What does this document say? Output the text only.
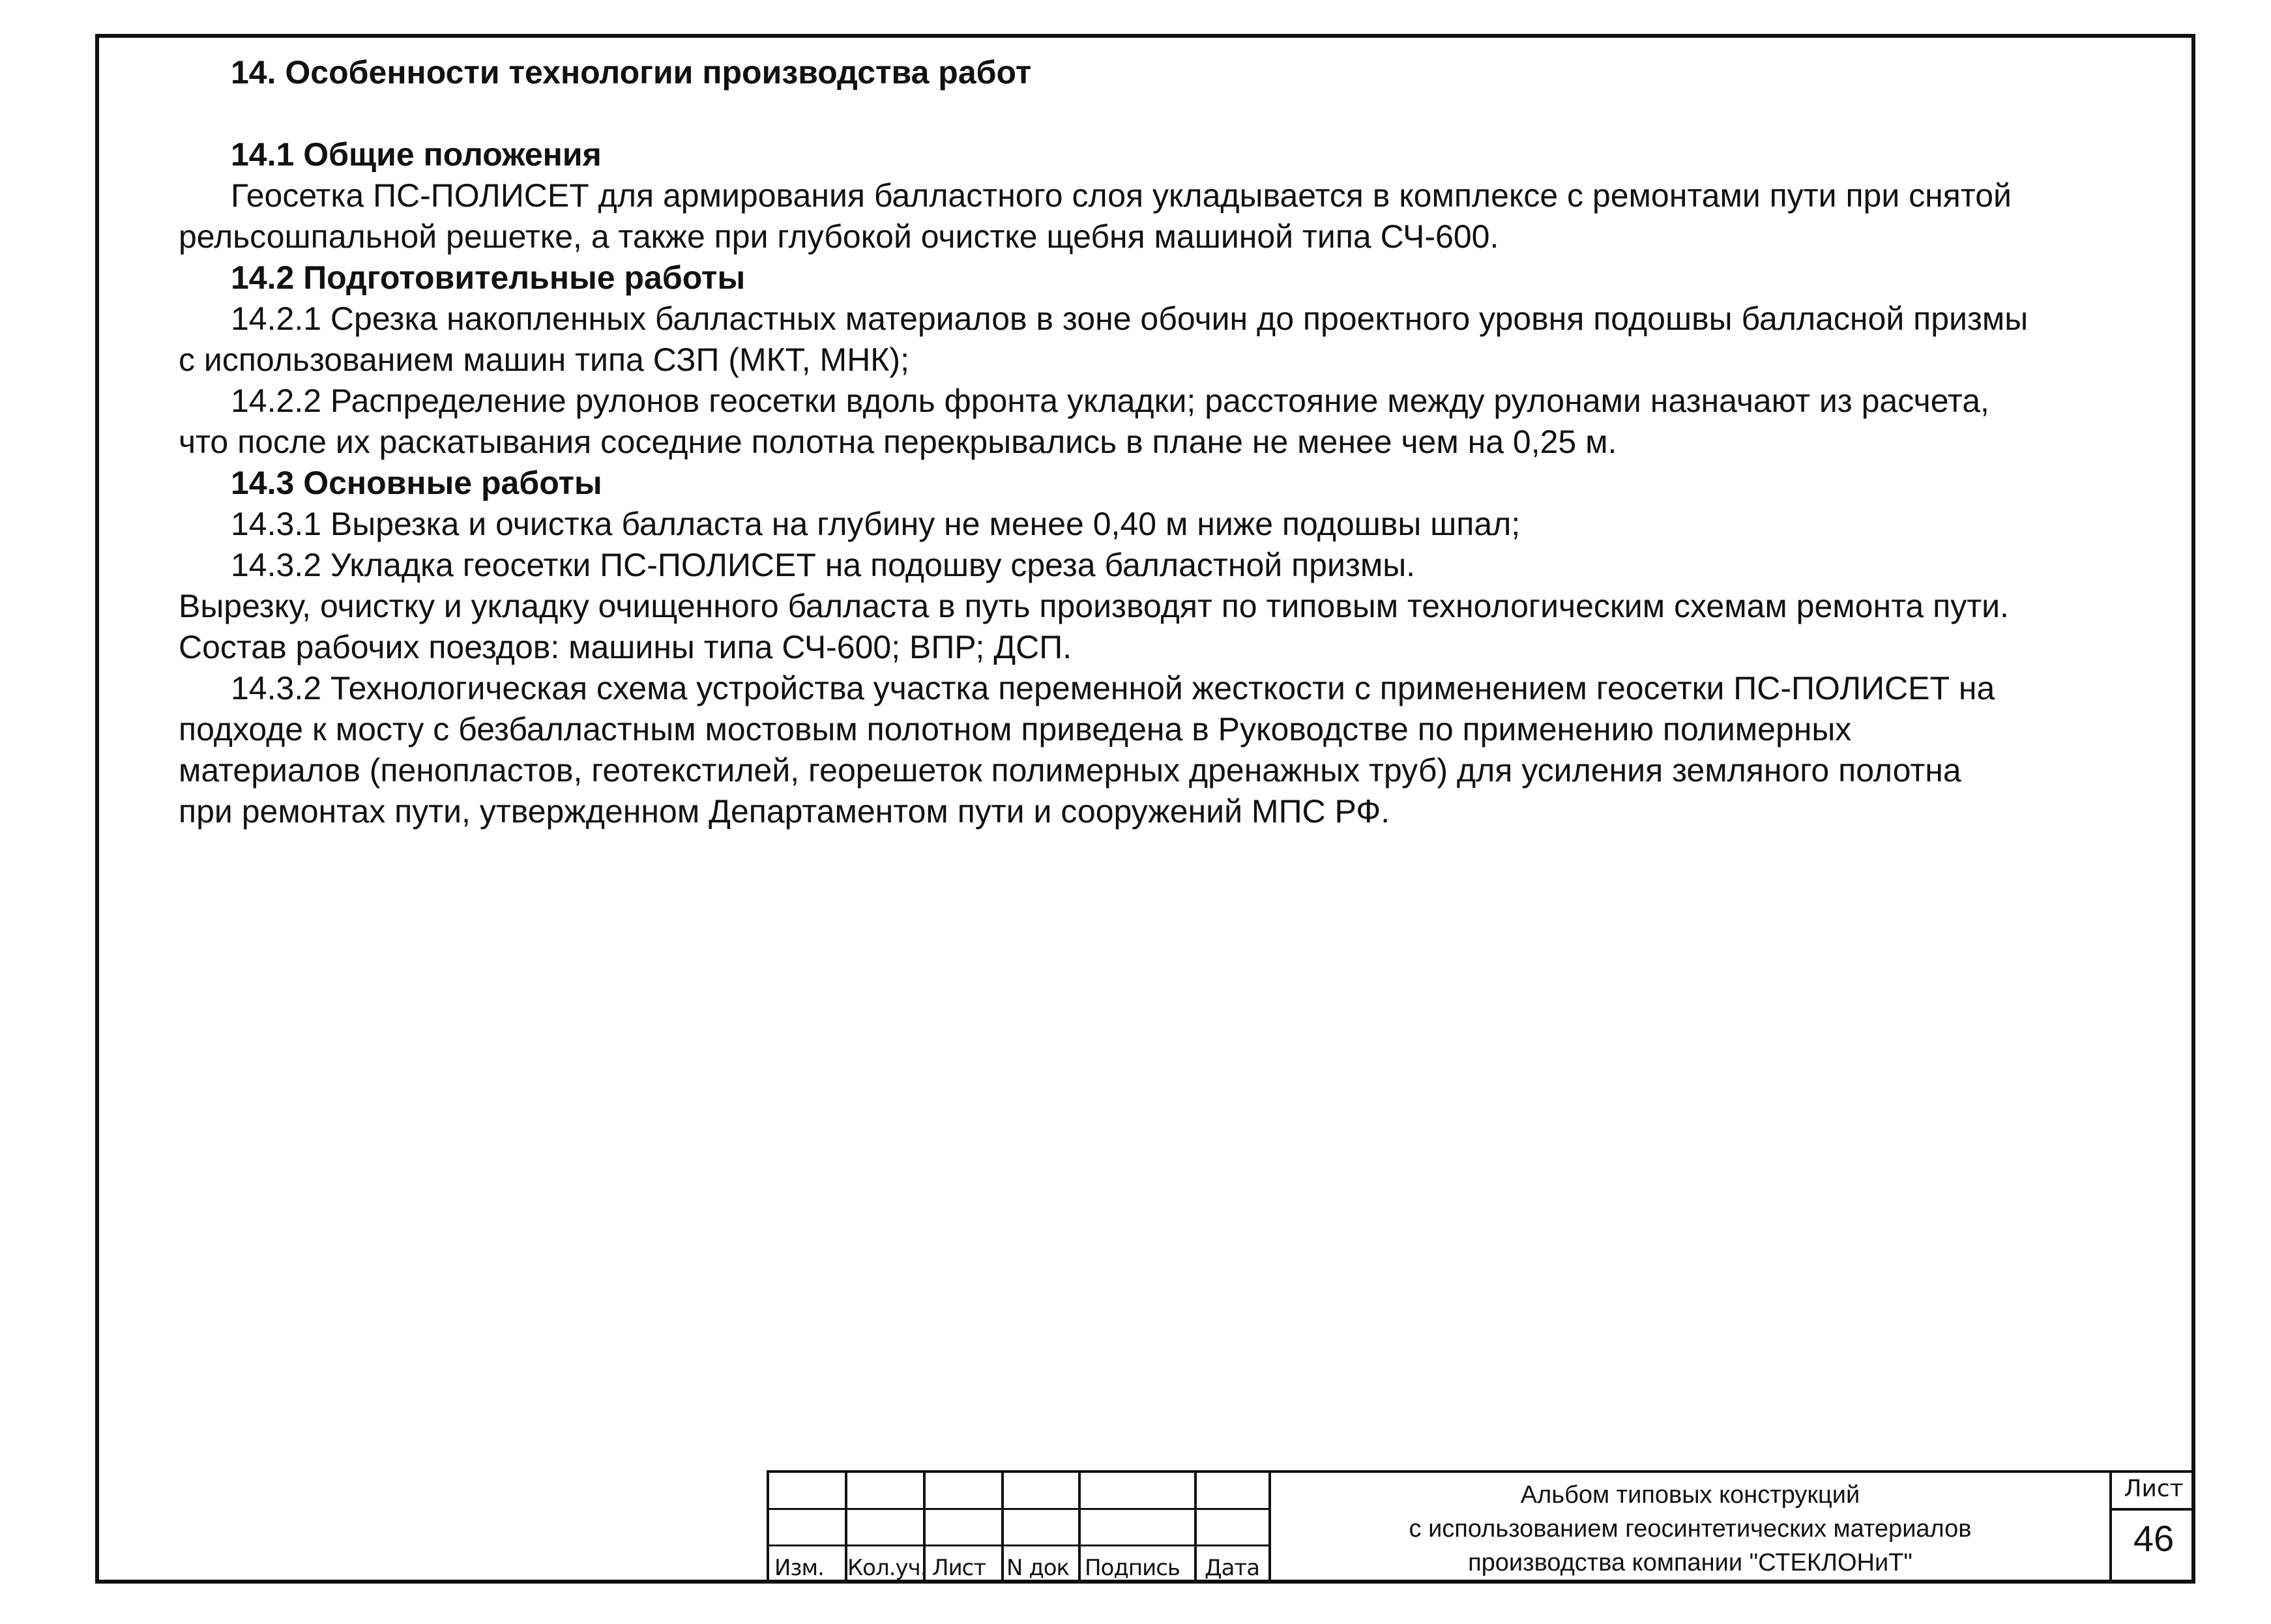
14. Особенности технологии производства работ

14.1 Общие положения

Геосетка ПС-ПОЛИСЕТ для армирования балластного слоя укладывается в комплексе с ремонтами пути при снятой

рельсошпальной решетке, а также при глубокой очистке щебня машиной типа СЧ-600.

14.2 Подготовительные работы

14.2.1 Срезка накопленных балластных материалов в зоне обочин до проектного уровня подошвы балласной призмы

с использованием машин типа СЗП (МКТ, МНК);

14.2.2 Распределение рулонов геосетки вдоль фронта укладки; расстояние между рулонами назначают из расчета,

что после их раскатывания соседние полотна перекрывались в плане не менее чем на 0,25 м.

14.3 Основные работы

14.3.1 Вырезка и очистка балласта на глубину не менее 0,40 м ниже подошвы шпал;

14.3.2 Укладка геосетки ПС-ПОЛИСЕТ на подошву среза балластной призмы.

Вырезку, очистку и укладку очищенного балласта в путь производят по типовым технологическим схемам ремонта пути.

Состав рабочих поездов: машины типа СЧ-600; ВПР; ДСП.

14.3.2 Технологическая схема устройства участка переменной жесткости с применением геосетки ПС-ПОЛИСЕТ на

подходе к мосту с безбалластным мостовым полотном приведена в Руководстве по применению полимерных

материалов (пенопластов, геотекстилей, георешеток полимерных дренажных труб) для усиления земляного полотна

при ремонтах пути, утвержденном Департаментом пути и сооружений МПС РФ.

Изм. Кол.уч. Лист N док Подпись Дата

Альбом типовых конструкций

с использованием геосинтетических материалов

производства компании "СТЕКЛОНиТ"

Лист
46
